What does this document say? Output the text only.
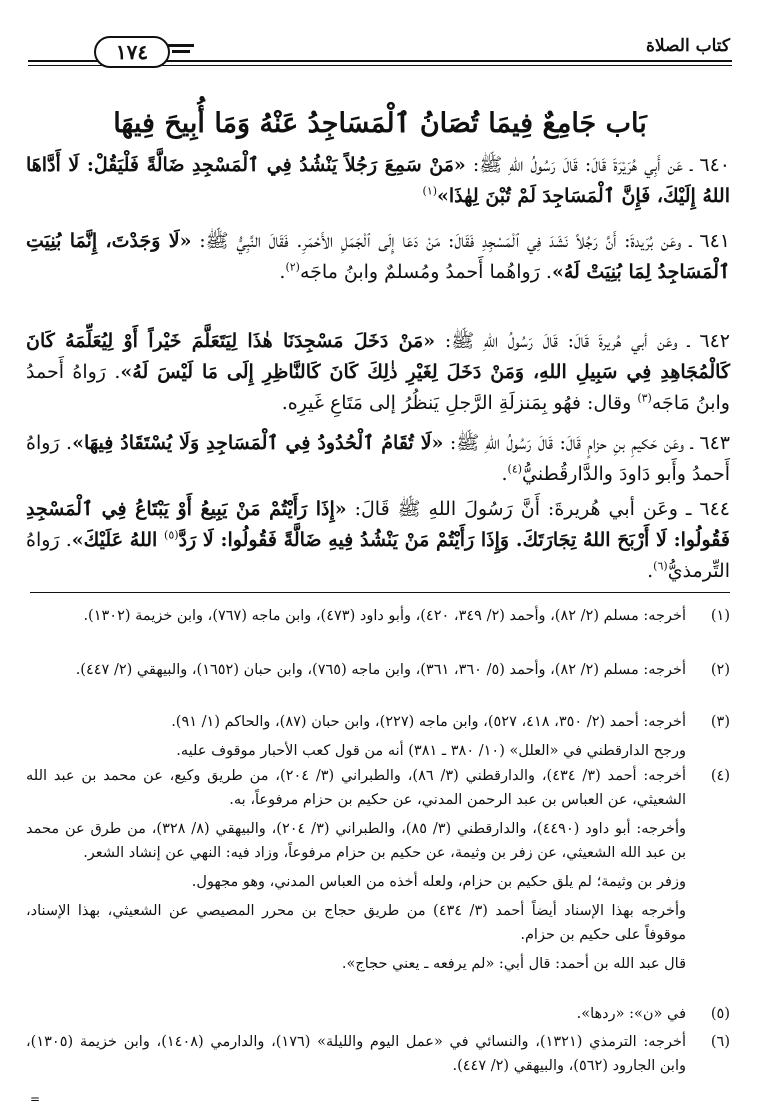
كتاب الصلاة
١٧٤
بَاب جَامِعٌ فِيمَا تُصَانُ ٱلْمَسَاجِدُ عَنْهُ وَمَا أُبِيحَ فِيهَا
٦٤٠ ـ عَن أَبِي هُرَيْرَةَ قَالَ: قَالَ رَسُولُ اللهِ ﷺ: «مَنْ سَمِعَ رَجُلاً يَنْشُدُ فِي ٱلْمَسْجِدِ ضَالَّةً فَلْيَقُلْ: لَا أَدَّاهَا اللهُ إِلَيْكَ، فَإِنَّ ٱلْمَسَاجِدَ لَمْ تُبْنَ لِهٰذَا»$^{(١)}$
٦٤١ ـ وعَن بُرَيدةَ: أَنَّ رَجُلاً نَشَدَ فِي ٱلْمَسْجِدِ فَقَالَ: مَنْ دَعَا إِلَى ٱلْجَمَلِ الأَحْمَرِ. فَقَالَ النَّبِيُّ ﷺ: «لَا وَجَدْتَ، إِنَّمَا بُنِيَتِ ٱلْمَسَاجِدُ لِمَا بُنِيَتْ لَهُ». رَواهُما أَحمدُ ومُسلمٌ وابنُ ماجَه$^{(٢)}$.
٦٤٢ ـ وعَن أبي هُريرةَ قَالَ: قَالَ رَسُولُ اللهِ ﷺ: «مَنْ دَخَلَ مَسْجِدَنَا هٰذَا لِيَتَعَلَّمَ خَيْراً أَوْ لِيُعَلِّمَهُ كَانَ كَالْمُجَاهِدِ فِي سَبِيلِ اللهِ، وَمَنْ دَخَلَ لِغَيْرِ ذٰلِكَ كَانَ كَالنَّاظِرِ إِلَى مَا لَيْسَ لَهُ». رَواهُ أَحمدُ وابنُ مَاجَه$^{(٣)}$ وقال: فهُو بِمَنزلَةِ الرَّجلِ يَنظُرُ إلى مَتَاعِ غَيرِه.
٦٤٣ ـ وعَن حَكيمِ بنِ حزامٍ قَالَ: قَالَ رَسُولُ اللهِ ﷺ: «لَا تُقَامُ ٱلْحُدُودُ فِي ٱلْمَسَاجِدِ وَلَا يُسْتَقَادُ فِيهَا». رَواهُ أَحمدُ وأَبو دَاودَ والدَّارقُطنيُّ$^{(٤)}$.
٦٤٤ ـ وعَن أبي هُريرةَ: أَنَّ رَسُولَ اللهِ ﷺ قَالَ: «إِذَا رَأَيْتُمْ مَنْ يَبِيعُ أَوْ يَبْتَاعُ فِي ٱلْمَسْجِدِ فَقُولُوا: لَا أَرْبَحَ اللهُ تِجَارَتَكَ. وَإِذَا رَأَيْتُمْ مَنْ يَنْشُدُ فِيهِ ضَالَّةً فَقُولُوا: لَا رَدَّ$^{(٥)}$ اللهُ عَلَيْكَ». رَواهُ التِّرمذيُّ$^{(٦)}$.
(١)

أخرجه: مسلم (٢/ ٨٢)، وأحمد (٢/ ٣٤٩، ٤٢٠)، وأبو داود (٤٧٣)، وابن ماجه (٧٦٧)، وابن خزيمة (١٣٠٢).

(٢)

أخرجه: مسلم (٢/ ٨٢)، وأحمد (٥/ ٣٦٠، ٣٦١)، وابن ماجه (٧٦٥)، وابن حبان (١٦٥٢)، والبيهقي (٢/ ٤٤٧).

(٣)

أخرجه: أحمد (٢/ ٣٥٠، ٤١٨، ٥٢٧)، وابن ماجه (٢٢٧)، وابن حبان (٨٧)، والحاكم (١/ ٩١).

ورجح الدارقطني في «العلل» (١٠/ ٣٨٠ ـ ٣٨١) أنه من قول كعب الأحبار موقوف عليه.

(٤)

أخرجه: أحمد (٣/ ٤٣٤)، والدارقطني (٣/ ٨٦)، والطبراني (٣/ ٢٠٤)، من طريق وكيع، عن محمد بن عبد الله الشعيثي، عن العباس بن عبد الرحمن المدني، عن حكيم بن حزام مرفوعاً، به.

وأخرجه: أبو داود (٤٤٩٠)، والدارقطني (٣/ ٨٥)، والطبراني (٣/ ٢٠٤)، والبيهقي (٨/ ٣٢٨)، من طرق عن محمد بن عبد الله الشعيثي، عن زفر بن وثيمة، عن حكيم بن حزام مرفوعاً، وزاد فيه: النهي عن إنشاد الشعر.

وزفر بن وثيمة؛ لم يلق حكيم بن حزام، ولعله أخذه من العباس المدني، وهو مجهول.

وأخرجه بهذا الإسناد أيضاً أحمد (٣/ ٤٣٤) من طريق حجاج بن محرر المصيصي عن الشعيثي، بهذا الإسناد، موقوفاً على حكيم بن حزام.

قال عبد الله بن أحمد: قال أبي: «لم يرفعه ـ يعني حجاج».

(٥)

في «ن»: «ردها».

(٦)

أخرجه: الترمذي (١٣٢١)، والنسائي في «عمل اليوم والليلة» (١٧٦)، والدارمي (١٤٠٨)، وابن خزيمة (١٣٠٥)، وابن الجارود (٥٦٢)، والبيهقي (٢/ ٤٤٧).

=
